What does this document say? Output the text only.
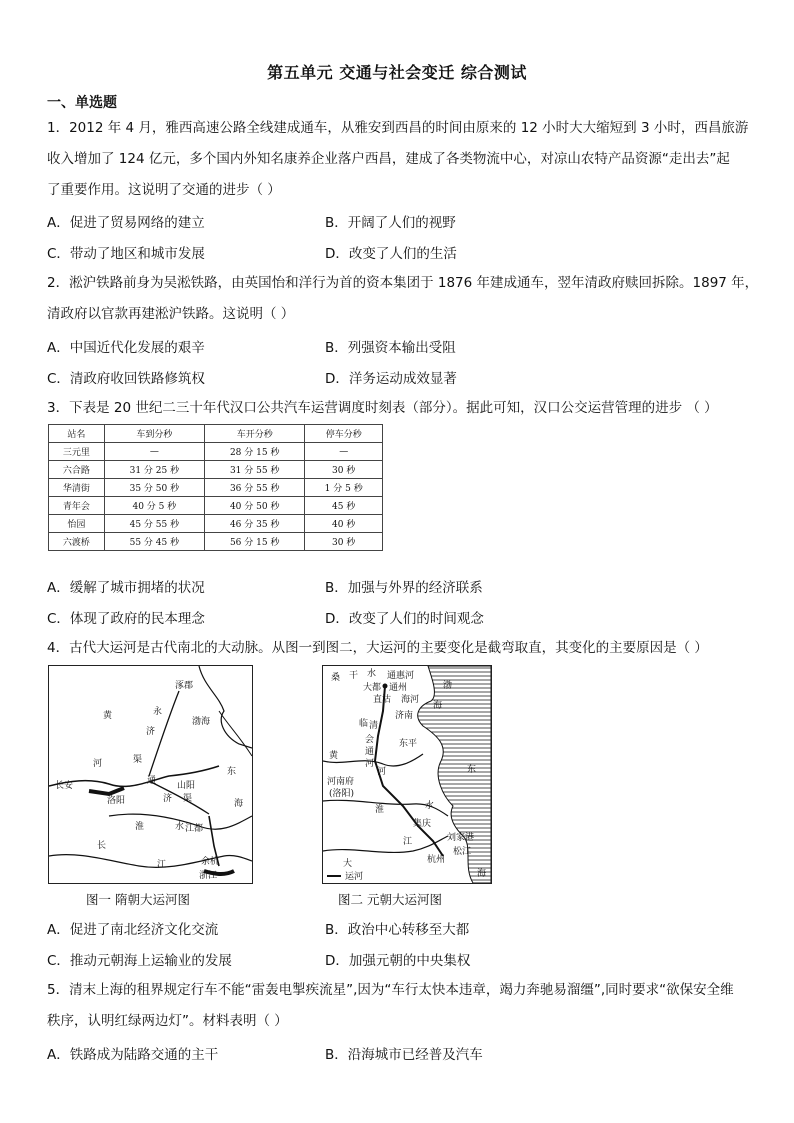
第五单元 交通与社会变迁 综合测试
一、单选题
1．2012 年 4 月，雅西高速公路全线建成通车，从雅安到西昌的时间由原来的 12 小时大大缩短到 3 小时，西昌旅游
收入增加了 124 亿元，多个国内外知名康养企业落户西昌，建成了各类物流中心，对凉山农特产品资源“走出去”起
了重要作用。这说明了交通的进步（ ）
A．促进了贸易网络的建立	B．开阔了人们的视野
C．带动了地区和城市发展	D．改变了人们的生活
2．淞沪铁路前身为吴淞铁路，由英国怡和洋行为首的资本集团于 1876 年建成通车，翌年清政府赎回拆除。1897 年，
清政府以官款再建淞沪铁路。这说明（ ）
A．中国近代化发展的艰辛	B．列强资本输出受阻
C．清政府收回铁路修筑权	D．洋务运动成效显著
3．下表是 20 世纪二三十年代汉口公共汽车运营调度时刻表（部分）。据此可知，汉口公交运营管理的进步 （ ）
站名	车到分秒	车开分秒	停车分秒
三元里	—	28 分 15 秒	—
六合路	31 分 25 秒	31 分 55 秒	30 秒
华清街	35 分 50 秒	36 分 55 秒	1 分 5 秒
青年会	40 分 5 秒	40 分 50 秒	45 秒
怡园	45 分 55 秒	46 分 35 秒	40 秒
六渡桥	55 分 45 秒	56 分 15 秒	30 秒
A．缓解了城市拥堵的状况	B．加强与外界的经济联系
C．体现了政府的民本理念	D．改变了人们的时间观念
4．古代大运河是古代南北的大动脉。从图一到图二，大运河的主要变化是截弯取直，其变化的主要原因是（ ）
涿郡
黄	永
渤海
济
河	渠
东
长安	通 山阳
洛阳	济 渠	海
淮	水 江都
长
江	余杭
浙江
桑 干 水 通惠河
大都 通州
直沽 海河
渤
海
临 清
会
通
河
济南
东平
黄
河	东
河南府
(洛阳)
淮	水
集庆
江	刘家港
杭州
松江
大
运河	海
图一 隋朝大运河图	图二 元朝大运河图
A．促进了南北经济文化交流	B．政治中心转移至大都
C．推动元朝海上运输业的发展	D．加强元朝的中央集权
5．清末上海的租界规定行车不能“雷轰电掣疾流星”,因为“车行太快本违章，竭力奔驰易溜缰”,同时要求“欲保安全维
秩序，认明红绿两边灯”。材料表明（ ）
A．铁路成为陆路交通的主干	B．沿海城市已经普及汽车
